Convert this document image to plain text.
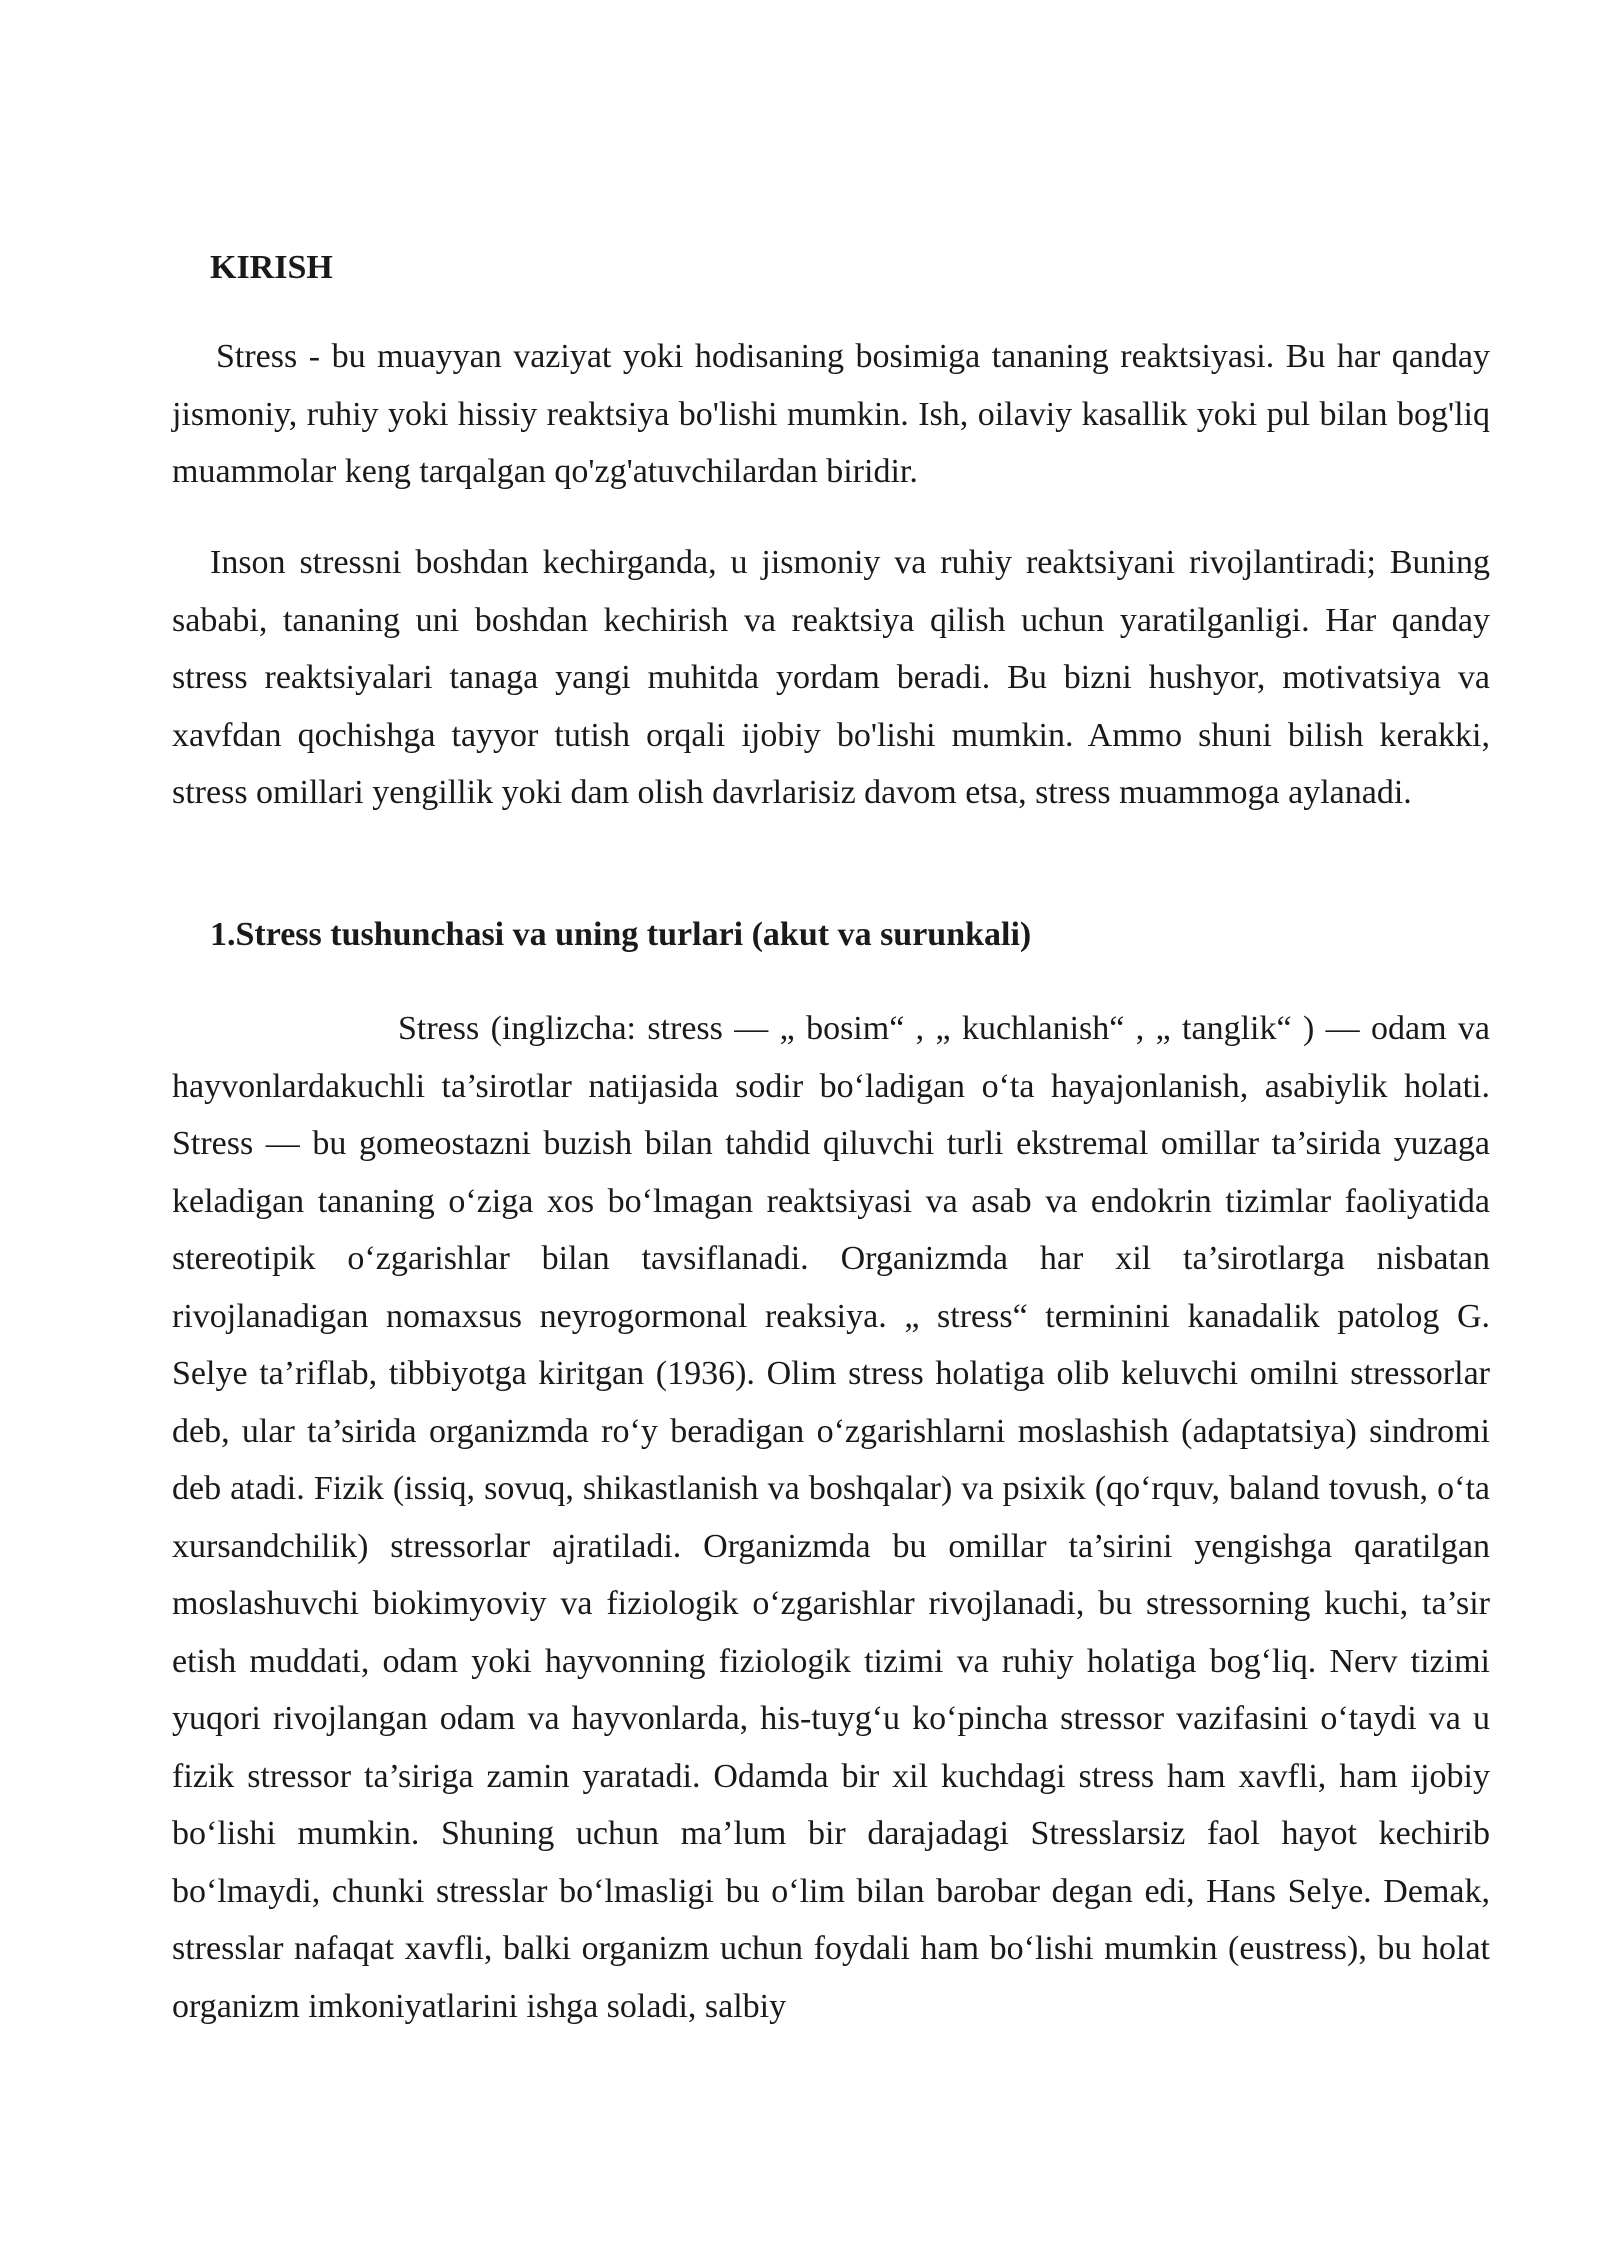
KIRISH

Stress - bu muayyan vaziyat yoki hodisaning bosimiga tananing reaktsiyasi. Bu har qanday jismoniy, ruhiy yoki hissiy reaktsiya bo'lishi mumkin. Ish, oilaviy kasallik yoki pul bilan bog'liq muammolar keng tarqalgan qo'zg'atuvchilardan biridir.

Inson stressni boshdan kechirganda, u jismoniy va ruhiy reaktsiyani rivojlantiradi; Buning sababi, tananing uni boshdan kechirish va reaktsiya qilish uchun yaratilganligi. Har qanday stress reaktsiyalari tanaga yangi muhitda yordam beradi. Bu bizni hushyor, motivatsiya va xavfdan qochishga tayyor tutish orqali ijobiy bo'lishi mumkin. Ammo shuni bilish kerakki, stress omillari yengillik yoki dam olish davrlarisiz davom etsa, stress muammoga aylanadi.

1.Stress tushunchasi va uning turlari (akut va surunkali)

Stress (inglizcha: stress — „ bosim“ , „ kuchlanish“ , „ tanglik“ ) — odam va hayvonlardakuchli ta’sirotlar natijasida sodir bo‘ladigan o‘ta hayajonlanish, asabiylik holati. Stress — bu gomeostazni buzish bilan tahdid qiluvchi turli ekstremal omillar ta’sirida yuzaga keladigan tananing o‘ziga xos bo‘lmagan reaktsiyasi va asab va endokrin tizimlar faoliyatida stereotipik o‘zgarishlar bilan tavsiflanadi. Organizmda har xil ta’sirotlarga nisbatan rivojlanadigan nomaxsus neyrogormonal reaksiya. „ stress“ terminini kanadalik patolog G. Selye ta’riflab, tibbiyotga kiritgan (1936). Olim stress holatiga olib keluvchi omilni stressorlar deb, ular ta’sirida organizmda ro‘y beradigan o‘zgarishlarni moslashish (adaptatsiya) sindromi deb atadi. Fizik (issiq, sovuq, shikastlanish va boshqalar) va psixik (qo‘rquv, baland tovush, o‘ta xursandchilik) stressorlar ajratiladi. Organizmda bu omillar ta’sirini yengishga qaratilgan moslashuvchi biokimyoviy va fiziologik o‘zgarishlar rivojlanadi, bu stressorning kuchi, ta’sir etish muddati, odam yoki hayvonning fiziologik tizimi va ruhiy holatiga bog‘liq. Nerv tizimi yuqori rivojlangan odam va hayvonlarda, his-tuyg‘u ko‘pincha stressor vazifasini o‘taydi va u fizik stressor ta’siriga zamin yaratadi. Odamda bir xil kuchdagi stress ham xavfli, ham ijobiy bo‘lishi mumkin. Shuning uchun ma’lum bir darajadagi Stresslarsiz faol hayot kechirib bo‘lmaydi, chunki stresslar bo‘lmasligi bu o‘lim bilan barobar degan edi, Hans Selye. Demak, stresslar nafaqat xavfli, balki organizm uchun foydali ham bo‘lishi mumkin (eustress), bu holat organizm imkoniyatlarini ishga soladi, salbiy
